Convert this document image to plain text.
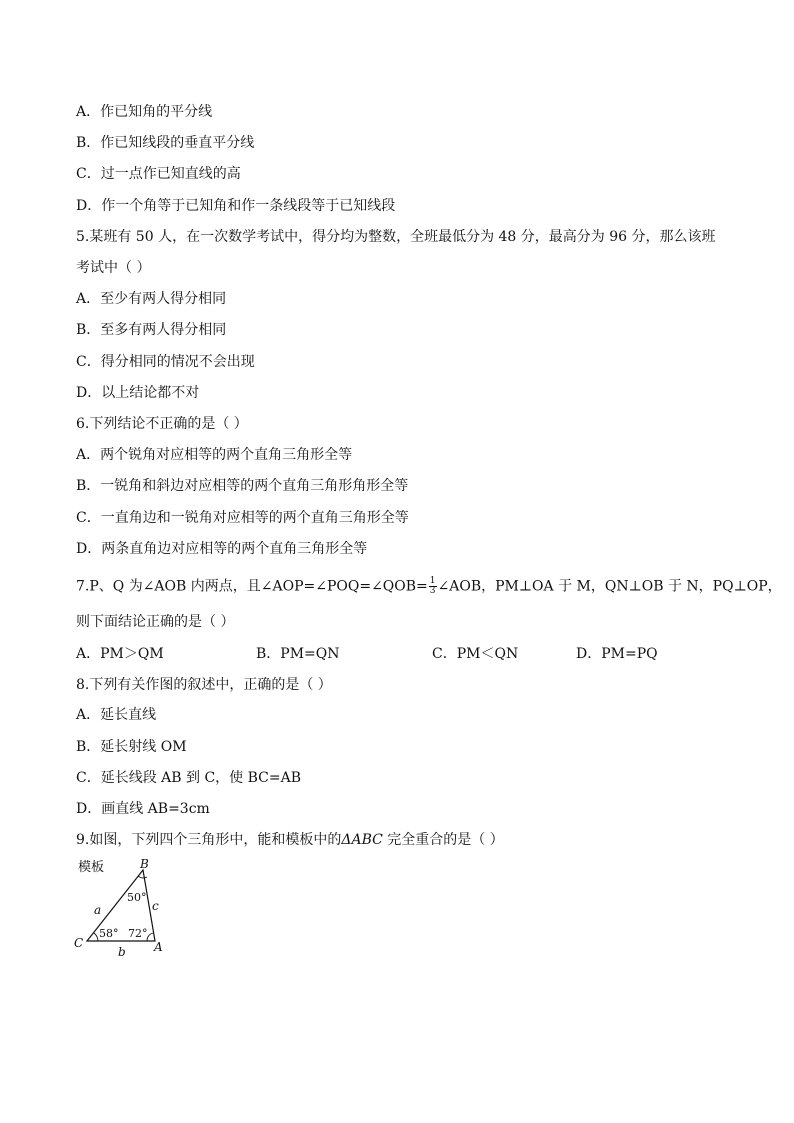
A．作已知角的平分线
B．作已知线段的垂直平分线
C．过一点作已知直线的高
D．作一个角等于已知角和作一条线段等于已知线段
5.某班有 50 人，在一次数学考试中，得分均为整数，全班最低分为 48 分，最高分为 96 分，那么该班
考试中（ ）
A．至少有两人得分相同
B．至多有两人得分相同
C．得分相同的情况不会出现
D．以上结论都不对
6.下列结论不正确的是（ ）
A．两个锐角对应相等的两个直角三角形全等
B．一锐角和斜边对应相等的两个直角三角形角形全等
C．一直角边和一锐角对应相等的两个直角三角形全等
D．两条直角边对应相等的两个直角三角形全等
7.P、Q 为∠AOB 内两点，且∠AOP=∠POQ=∠QOB= $\frac{1}{3}$ ∠AOB，PM⊥OA 于 M，QN⊥OB 于 N，PQ⊥OP，
则下面结论正确的是（ ）
A．PM＞QM	B．PM=QN	C．PM＜QN	D．PM=PQ
8.下列有关作图的叙述中，正确的是（ ）
A．延长直线
B．延长射线 OM
C．延长线段 AB 到 C，使 BC=AB
D．画直线 AB=3cm
9.如图，下列四个三角形中，能和模板中的ΔABC 完全重合的是（ ）
模板	B
C	A
a	c
b
50°
58° 72°
